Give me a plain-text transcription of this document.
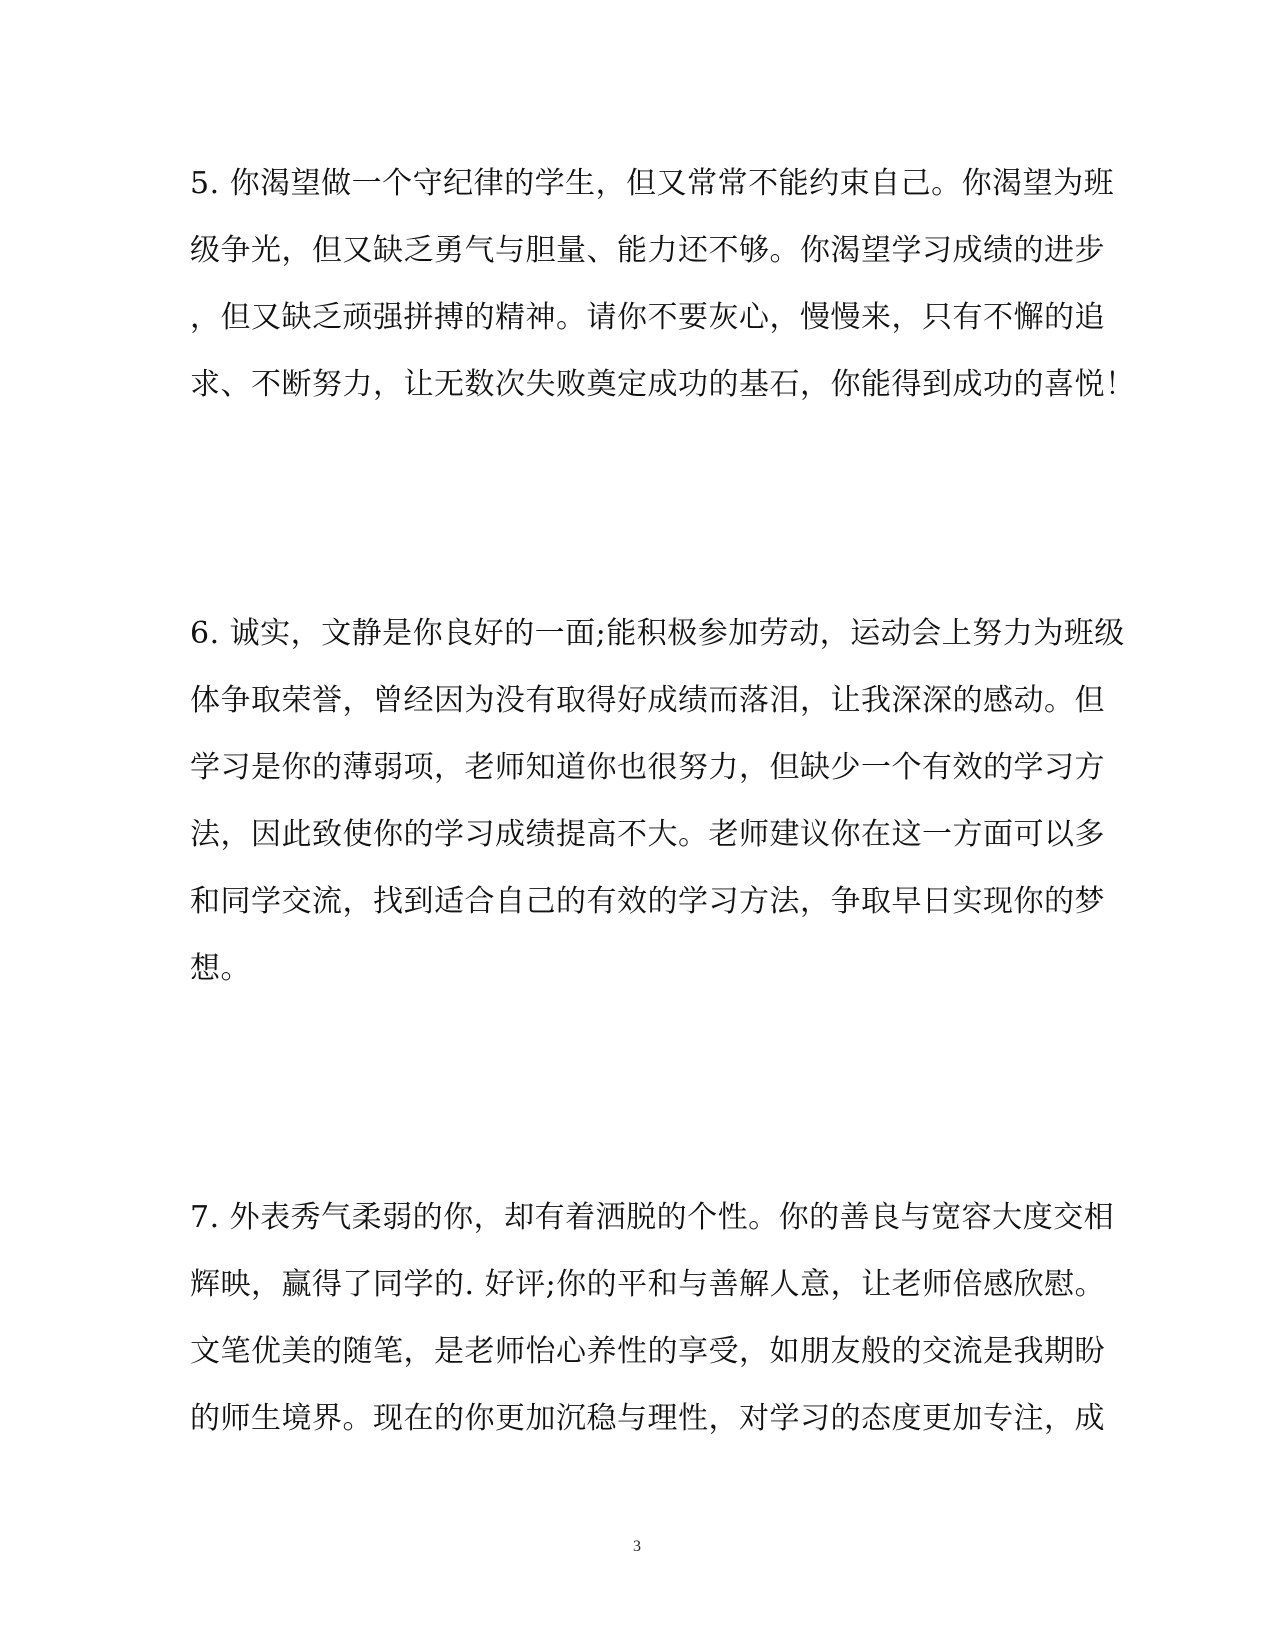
5. 你渴望做一个守纪律的学生，但又常常不能约束自己。你渴望为班
级争光，但又缺乏勇气与胆量、能力还不够。你渴望学习成绩的进步
，但又缺乏顽强拼搏的精神。请你不要灰心，慢慢来，只有不懈的追
求、不断努力，让无数次失败奠定成功的基石，你能得到成功的喜悦！
6. 诚实，文静是你良好的一面;能积极参加劳动，运动会上努力为班级
体争取荣誉，曾经因为没有取得好成绩而落泪，让我深深的感动。但
学习是你的薄弱项，老师知道你也很努力，但缺少一个有效的学习方
法，因此致使你的学习成绩提高不大。老师建议你在这一方面可以多
和同学交流，找到适合自己的有效的学习方法，争取早日实现你的梦
想。
7. 外表秀气柔弱的你，却有着洒脱的个性。你的善良与宽容大度交相
辉映，赢得了同学的. 好评;你的平和与善解人意，让老师倍感欣慰。
文笔优美的随笔，是老师怡心养性的享受，如朋友般的交流是我期盼
的师生境界。现在的你更加沉稳与理性，对学习的态度更加专注，成
3
